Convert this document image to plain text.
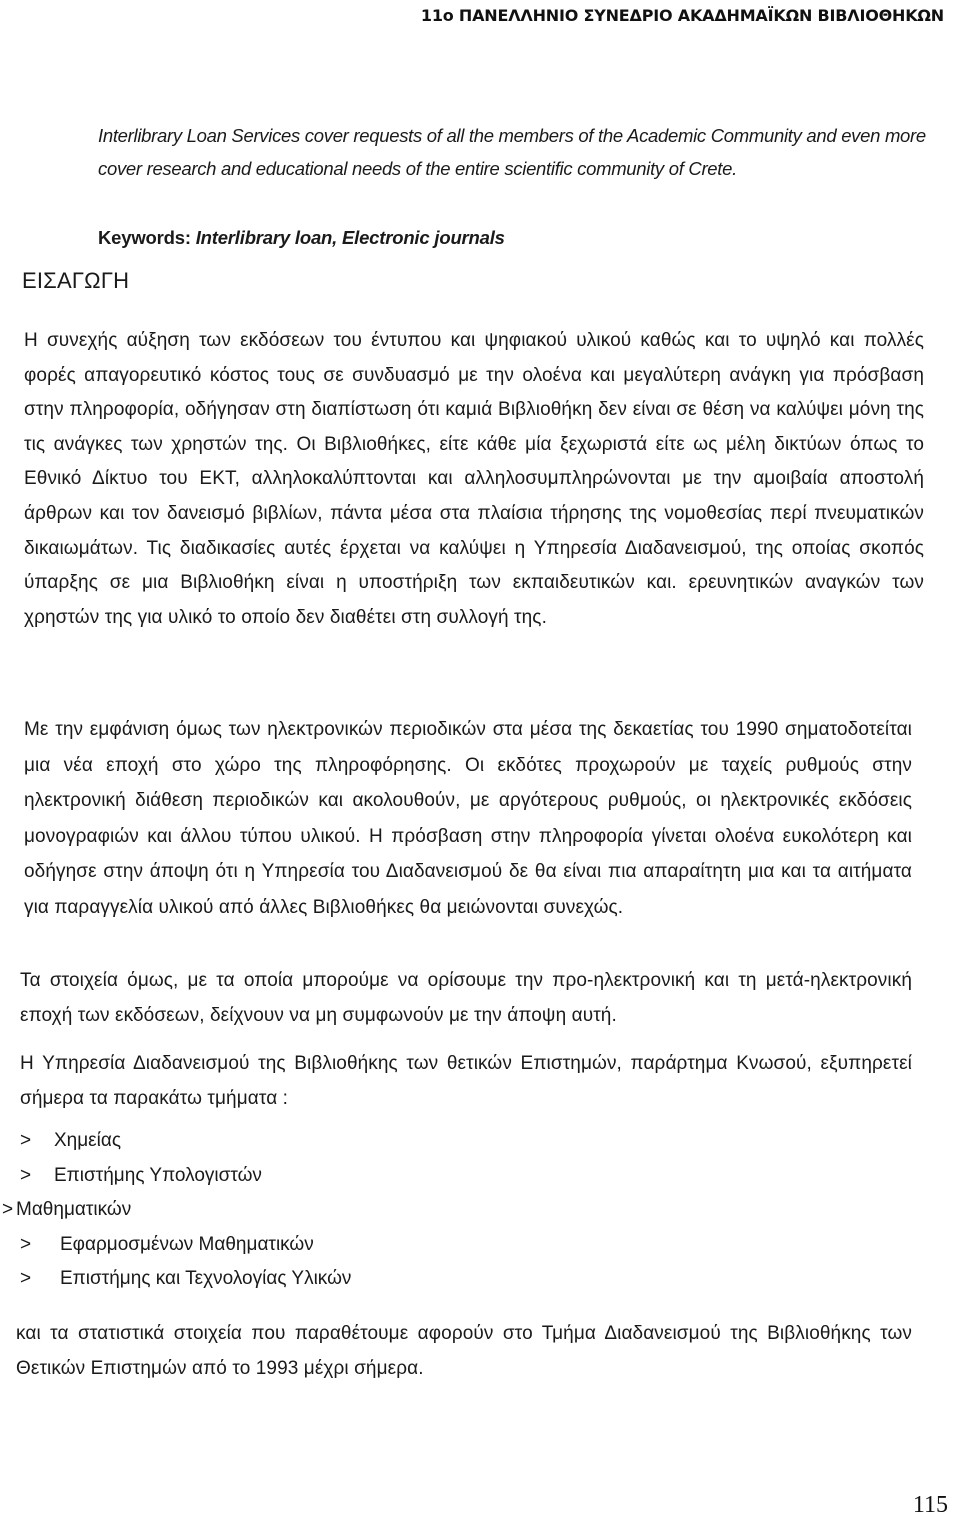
11ο ΠΑΝΕΛΛΗΝΙΟ ΣΥΝΕΔΡΙΟ ΑΚΑΔΗΜΑΪΚΩΝ ΒΙΒΛΙΟΘΗΚΩΝ

Interlibrary Loan Services cover requests of all the members of the Academic Community and even more cover research and educational needs of the entire scientific community of Crete.

Keywords: Interlibrary loan, Electronic journals

ΕΙΣΑΓΩΓΗ

Η συνεχής αύξηση των εκδόσεων του έντυπου και ψηφιακού υλικού καθώς και το υψηλό και πολλές φορές απαγορευτικό κόστος τους σε συνδυασμό με την ολοένα και μεγαλύτερη ανάγκη για πρόσβαση στην πληροφορία, οδήγησαν στη διαπίστωση ότι καμιά Βιβλιοθήκη δεν είναι σε θέση να καλύψει μόνη της τις ανάγκες των χρηστών της. Οι Βιβλιοθήκες, είτε κάθε μία ξεχωριστά είτε ως μέλη δικτύων όπως το Εθνικό Δίκτυο του ΕΚΤ, αλληλοκαλύπτονται και αλληλοσυμπληρώνονται με την αμοιβαία αποστολή άρθρων και τον δανεισμό βιβλίων, πάντα μέσα στα πλαίσια τήρησης της νομοθεσίας περί πνευματικών δικαιωμάτων. Τις διαδικασίες αυτές έρχεται να καλύψει η Υπηρεσία Διαδανεισμού, της οποίας σκοπός ύπαρξης σε μια Βιβλιοθήκη είναι η υποστήριξη των εκπαιδευτικών και. ερευνητικών αναγκών των χρηστών της για υλικό το οποίο δεν διαθέτει στη συλλογή της.

Με την εμφάνιση όμως των ηλεκτρονικών περιοδικών στα μέσα της δεκαετίας του 1990 σηματοδοτείται μια νέα εποχή στο χώρο της πληροφόρησης. Οι εκδότες προχωρούν με ταχείς ρυθμούς στην ηλεκτρονική διάθεση περιοδικών και ακολουθούν, με αργότερους ρυθμούς, οι ηλεκτρονικές εκδόσεις μονογραφιών και άλλου τύπου υλικού. Η πρόσβαση στην πληροφορία γίνεται ολοένα ευκολότερη και οδήγησε στην άποψη ότι η Υπηρεσία του Διαδανεισμού δε θα είναι πια απαραίτητη μια και τα αιτήματα για παραγγελία υλικού από άλλες Βιβλιοθήκες θα μειώνονται συνεχώς.

Τα στοιχεία όμως, με τα οποία μπορούμε να ορίσουμε την προ-ηλεκτρονική και τη μετά-ηλεκτρονική εποχή των εκδόσεων, δείχνουν να μη συμφωνούν με την άποψη αυτή.

Η Υπηρεσία Διαδανεισμού της Βιβλιοθήκης των θετικών Επιστημών, παράρτημα Κνωσού, εξυπηρετεί σήμερα τα παρακάτω τμήματα :

> Χημείας
> Επιστήμης Υπολογιστών
> Μαθηματικών
> Εφαρμοσμένων Μαθηματικών
> Επιστήμης και Τεχνολογίας Υλικών

και τα στατιστικά στοιχεία που παραθέτουμε αφορούν στο Τμήμα Διαδανεισμού της Βιβλιοθήκης των Θετικών Επιστημών από το 1993 μέχρι σήμερα.

115
